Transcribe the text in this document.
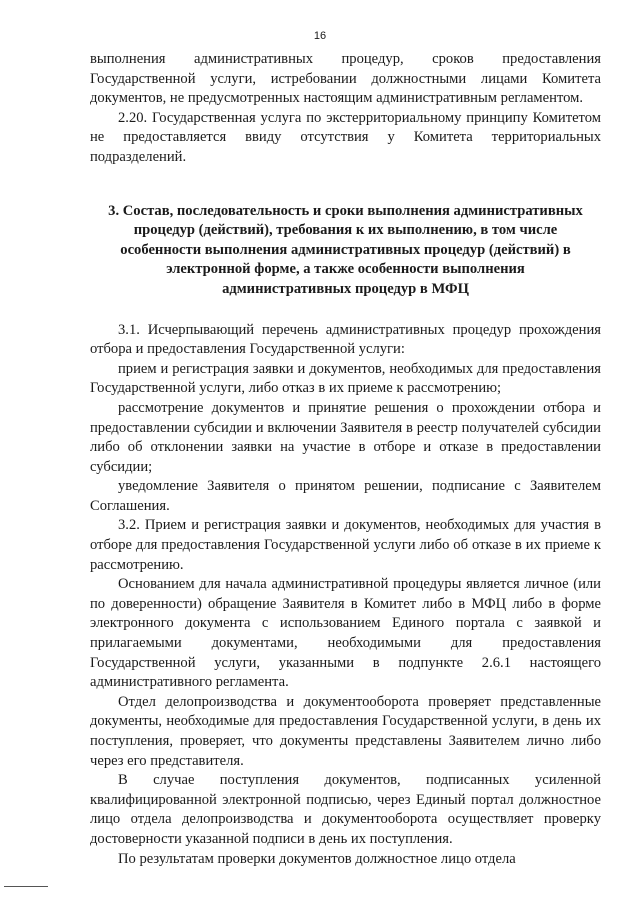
16

выполнения административных процедур, сроков предоставления Государственной услуги, истребовании должностными лицами Комитета документов, не предусмотренных настоящим административным регламентом.

2.20. Государственная услуга по экстерриториальному принципу Комитетом не предоставляется ввиду отсутствия у Комитета территориальных подразделений.

3. Состав, последовательность и сроки выполнения административных процедур (действий), требования к их выполнению, в том числе особенности выполнения административных процедур (действий) в электронной форме, а также особенности выполнения административных процедур в МФЦ

3.1. Исчерпывающий перечень административных процедур прохождения отбора и предоставления Государственной услуги:

прием и регистрация заявки и документов, необходимых для предоставления Государственной услуги, либо отказ в их приеме к рассмотрению;

рассмотрение документов и принятие решения о прохождении отбора и предоставлении субсидии и включении Заявителя в реестр получателей субсидии либо об отклонении заявки на участие в отборе и отказе в предоставлении субсидии;

уведомление Заявителя о принятом решении, подписание с Заявителем Соглашения.

3.2. Прием и регистрация заявки и документов, необходимых для участия в отборе для предоставления Государственной услуги либо об отказе в их приеме к рассмотрению.

Основанием для начала административной процедуры является личное (или по доверенности) обращение Заявителя в Комитет либо в МФЦ либо в форме электронного документа с использованием Единого портала с заявкой и прилагаемыми документами, необходимыми для предоставления Государственной услуги, указанными в подпункте 2.6.1 настоящего административного регламента.

Отдел делопроизводства и документооборота проверяет представленные документы, необходимые для предоставления Государственной услуги, в день их поступления, проверяет, что документы представлены Заявителем лично либо через его представителя.

В случае поступления документов, подписанных усиленной квалифицированной электронной подписью, через Единый портал должностное лицо отдела делопроизводства и документооборота осуществляет проверку достоверности указанной подписи в день их поступления.

По результатам проверки документов должностное лицо отдела
